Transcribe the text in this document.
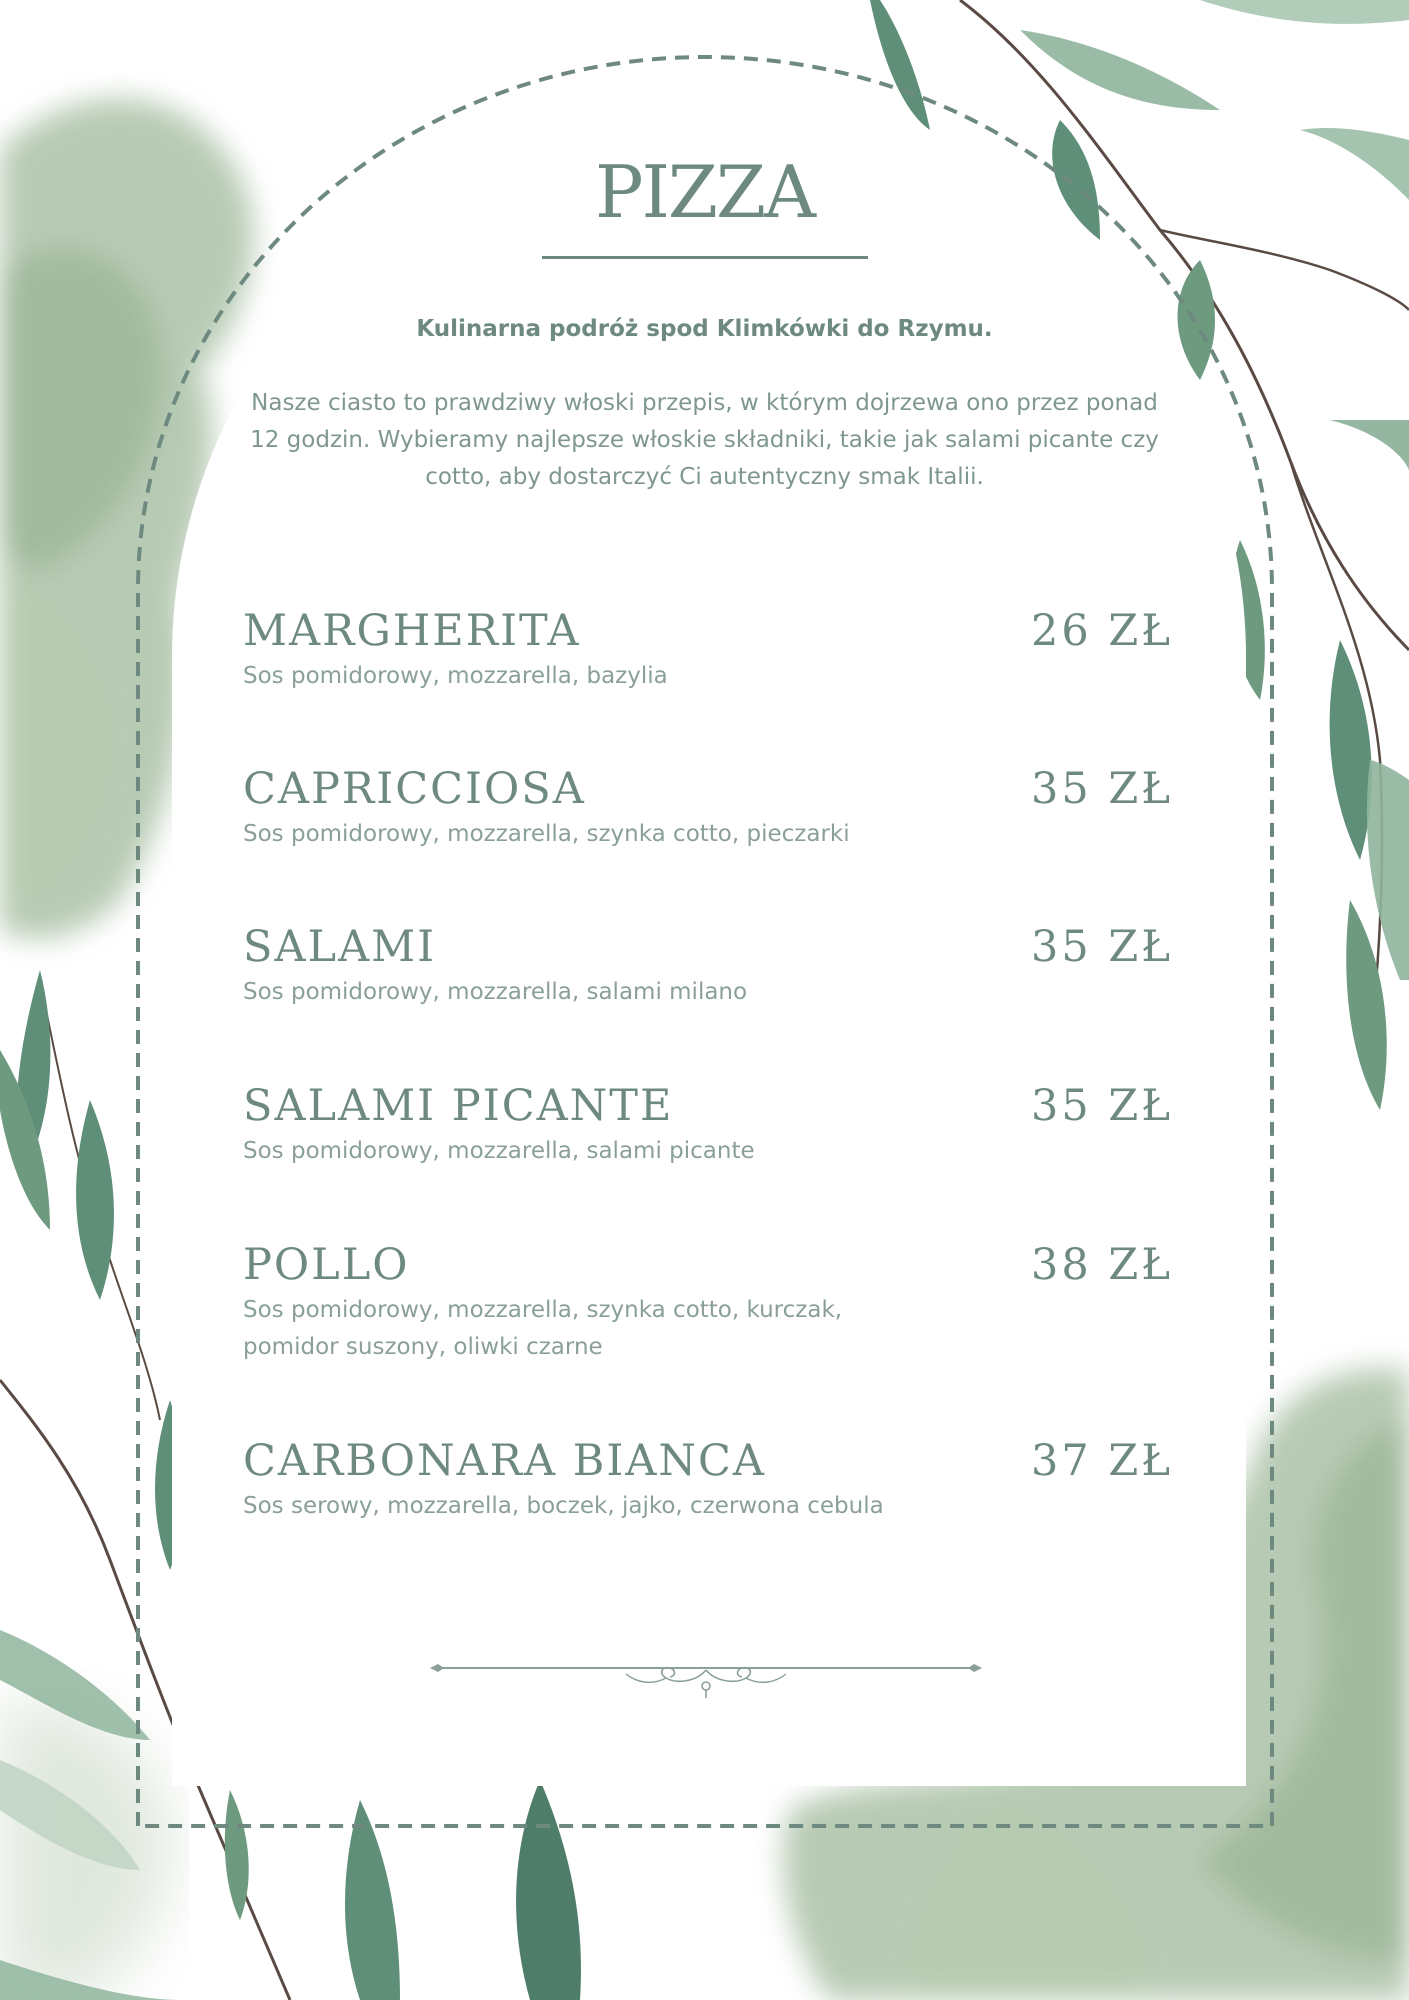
PIZZA
Kulinarna podróż spod Klimkówki do Rzymu.
Nasze ciasto to prawdziwy włoski przepis, w którym dojrzewa ono przez ponad 12 godzin. Wybieramy najlepsze włoskie składniki, takie jak salami picante czy cotto, aby dostarczyć Ci autentyczny smak Italii.
MARGHERITA	26 ZŁ
Sos pomidorowy, mozzarella, bazylia
CAPRICCIOSA	35 ZŁ
Sos pomidorowy, mozzarella, szynka cotto, pieczarki
SALAMI	35 ZŁ
Sos pomidorowy, mozzarella, salami milano
SALAMI PICANTE	35 ZŁ
Sos pomidorowy, mozzarella, salami picante
POLLO	38 ZŁ
Sos pomidorowy, mozzarella, szynka cotto, kurczak, pomidor suszony, oliwki czarne
CARBONARA BIANCA	37 ZŁ
Sos serowy, mozzarella, boczek, jajko, czerwona cebula
